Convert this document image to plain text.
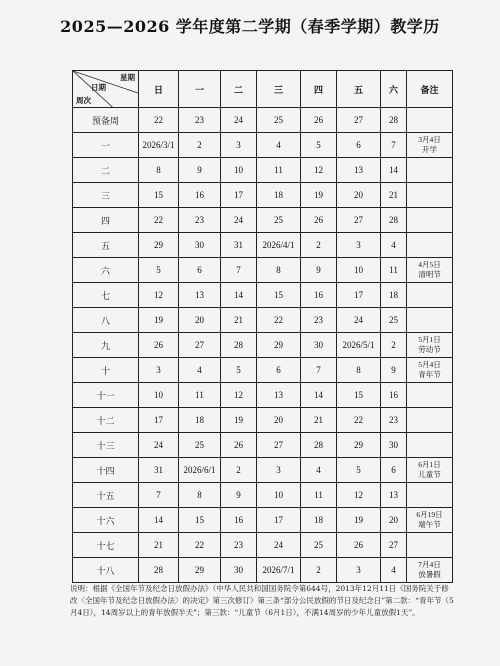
2025—2026 学年度第二学期（春季学期）教学历
星期
日期
周次	日	一	二	三	四	五	六	备注
预备周	22	23	24	25	26	27	28	
一	2026/3/1	2	3	4	5	6	7	3月4日
开学
二	8	9	10	11	12	13	14	
三	15	16	17	18	19	20	21	
四	22	23	24	25	26	27	28	
五	29	30	31	2026/4/1	2	3	4	
六	5	6	7	8	9	10	11	4月5日
清明节
七	12	13	14	15	16	17	18	
八	19	20	21	22	23	24	25	
九	26	27	28	29	30	2026/5/1	2	5月1日
劳动节
十	3	4	5	6	7	8	9	5月4日
青年节
十一	10	11	12	13	14	15	16	
十二	17	18	19	20	21	22	23	
十三	24	25	26	27	28	29	30	
十四	31	2026/6/1	2	3	4	5	6	6月1日
儿童节
十五	7	8	9	10	11	12	13	
十六	14	15	16	17	18	19	20	6月19日
端午节
十七	21	22	23	24	25	26	27	
十八	28	29	30	2026/7/1	2	3	4	7月4日
放暑假
说明：根据《全国年节及纪念日放假办法》（中华人民共和国国务院令第644号，2013年12月11日《国务院关于修改〈全国年节及纪念日放假办法〉的决定》第三次修订）第三条“部分公民放假的节日及纪念日”第二款：“青年节（5月4日），14周岁以上的青年放假半天”；第三款：“儿童节（6月1日），不满14周岁的少年儿童放假1天”。
